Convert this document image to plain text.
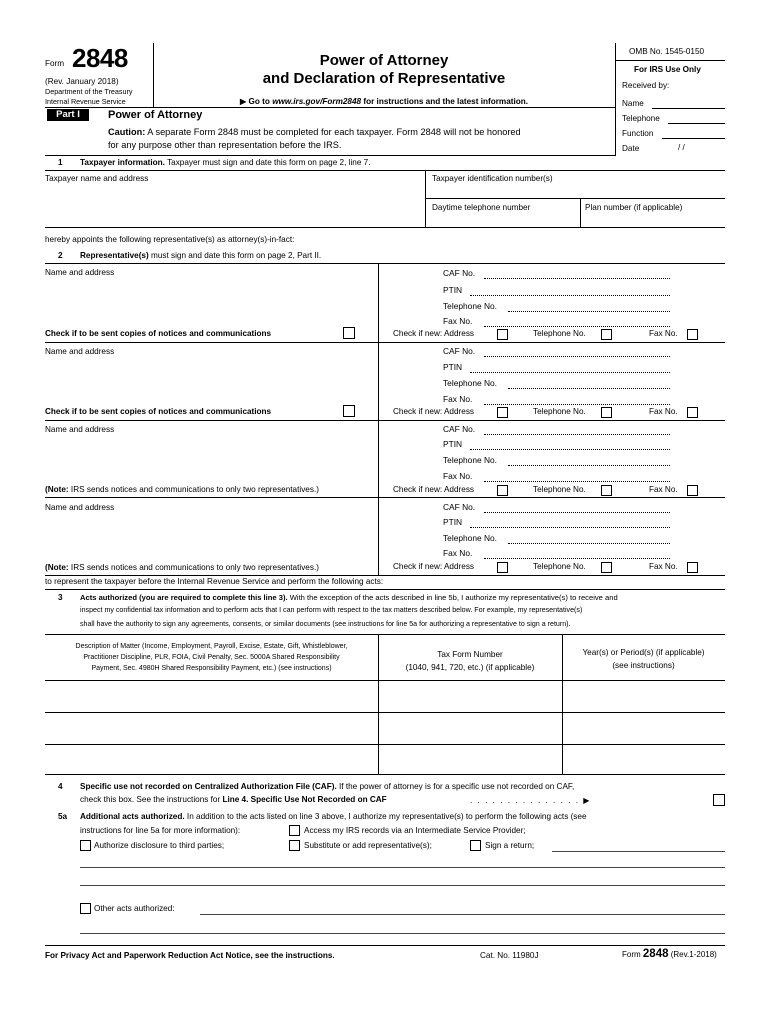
Form 2848
(Rev. January 2018)
Department of the Treasury
Internal Revenue Service
Power of Attorney
and Declaration of Representative
▶ Go to www.irs.gov/Form2848 for instructions and the latest information.
OMB No. 1545-0150
For IRS Use Only
Received by:
Name
Telephone
Function
Date	/ /
Part I	Power of Attorney
Caution: A separate Form 2848 must be completed for each taxpayer. Form 2848 will not be honored
for any purpose other than representation before the IRS.
1 Taxpayer information. Taxpayer must sign and date this form on page 2, line 7.
Taxpayer name and address	Taxpayer identification number(s)
Daytime telephone number	Plan number (if applicable)
hereby appoints the following representative(s) as attorney(s)-in-fact:
2 Representative(s) must sign and date this form on page 2, Part II.
Name and address	CAF No.
PTIN
Telephone No.
Fax No.
Check if to be sent copies of notices and communications	Check if new: Address	Telephone No.	Fax No.
Name and address	CAF No.
PTIN
Telephone No.
Fax No.
Check if to be sent copies of notices and communications	Check if new: Address	Telephone No.	Fax No.
Name and address	CAF No.
PTIN
Telephone No.
Fax No.
(Note: IRS sends notices and communications to only two representatives.)	Check if new: Address	Telephone No.	Fax No.
Name and address	CAF No.
PTIN
Telephone No.
Fax No.
(Note: IRS sends notices and communications to only two representatives.)	Check if new: Address	Telephone No.	Fax No.
to represent the taxpayer before the Internal Revenue Service and perform the following acts:
3 Acts authorized (you are required to complete this line 3). With the exception of the acts described in line 5b, I authorize my representative(s) to receive and
inspect my confidential tax information and to perform acts that I can perform with respect to the tax matters described below. For example, my representative(s)
shall have the authority to sign any agreements, consents, or similar documents (see instructions for line 5a for authorizing a representative to sign a return).
Description of Matter (Income, Employment, Payroll, Excise, Estate, Gift, Whistleblower,
Practitioner Discipline, PLR, FOIA, Civil Penalty, Sec. 5000A Shared Responsibility
Payment, Sec. 4980H Shared Responsibility Payment, etc.) (see instructions)
Tax Form Number
(1040, 941, 720, etc.) (if applicable)
Year(s) or Period(s) (if applicable)
(see instructions)
4 Specific use not recorded on Centralized Authorization File (CAF). If the power of attorney is for a specific use not recorded on CAF,
check this box. See the instructions for Line 4. Specific Use Not Recorded on CAF	. . . . . . . . . . . . . . . ▶
5a Additional acts authorized. In addition to the acts listed on line 3 above, I authorize my representative(s) to perform the following acts (see
instructions for line 5a for more information):	Access my IRS records via an Intermediate Service Provider;
Authorize disclosure to third parties;	Substitute or add representative(s);	Sign a return;
Other acts authorized:
For Privacy Act and Paperwork Reduction Act Notice, see the instructions.	Cat. No. 11980J	Form 2848 (Rev.1-2018)
